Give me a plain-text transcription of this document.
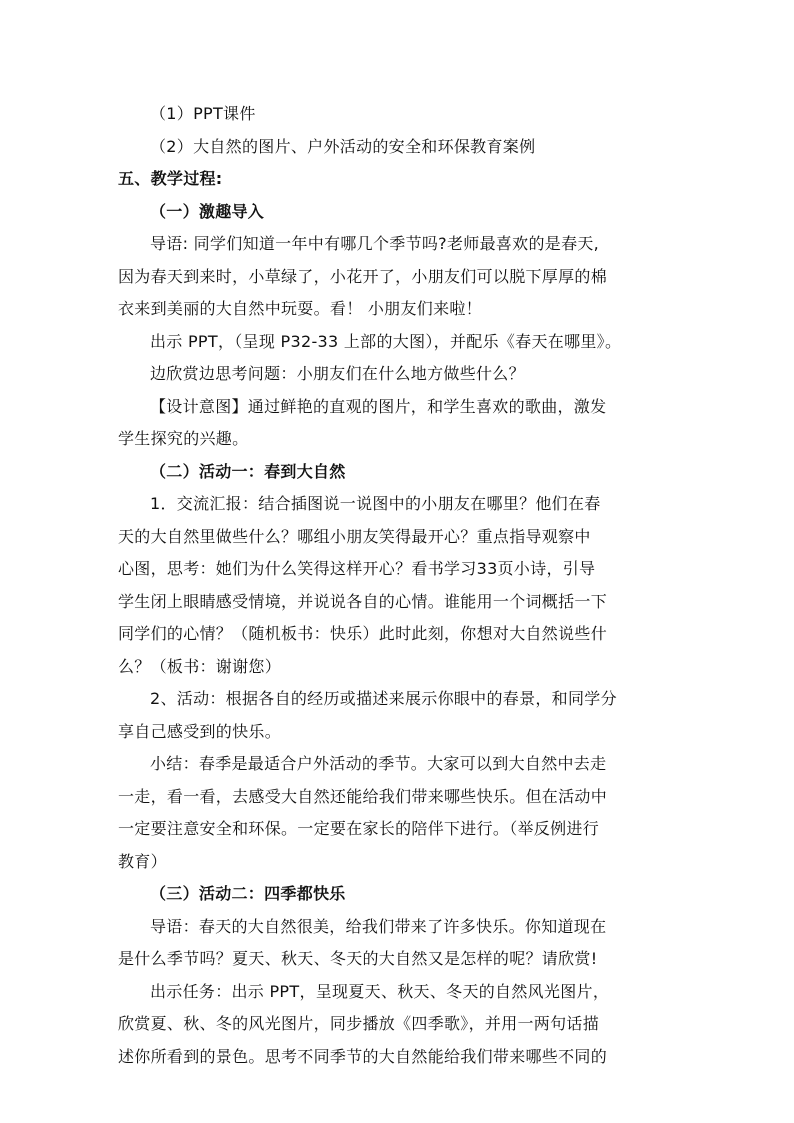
（1）PPT课件
（2）大自然的图片、户外活动的安全和环保教育案例
五、教学过程:
（一）激趣导入
导语: 同学们知道一年中有哪几个季节吗?老师最喜欢的是春天,
因为春天到来时，小草绿了，小花开了，小朋友们可以脱下厚厚的棉
衣来到美丽的大自然中玩耍。看！ 小朋友们来啦！
出示 PPT，（呈现 P32-33 上部的大图），并配乐《春天在哪里》。
边欣赏边思考问题：小朋友们在什么地方做些什么？
【设计意图】通过鲜艳的直观的图片，和学生喜欢的歌曲，激发
学生探究的兴趣。
（二）活动一：春到大自然
1．交流汇报：结合插图说一说图中的小朋友在哪里？他们在春
天的大自然里做些什么？哪组小朋友笑得最开心？重点指导观察中
心图，思考：她们为什么笑得这样开心？看书学习33页小诗，引导
学生闭上眼睛感受情境，并说说各自的心情。谁能用一个词概括一下
同学们的心情？（随机板书：快乐）此时此刻，你想对大自然说些什
么？（板书：谢谢您）
2、活动：根据各自的经历或描述来展示你眼中的春景，和同学分
享自己感受到的快乐。
小结：春季是最适合户外活动的季节。大家可以到大自然中去走
一走，看一看，去感受大自然还能给我们带来哪些快乐。但在活动中
一定要注意安全和环保。一定要在家长的陪伴下进行。（举反例进行
教育）
（三）活动二：四季都快乐
导语：春天的大自然很美，给我们带来了许多快乐。你知道现在
是什么季节吗？夏天、秋天、冬天的大自然又是怎样的呢？请欣赏!
出示任务：出示 PPT，呈现夏天、秋天、冬天的自然风光图片，
欣赏夏、秋、冬的风光图片，同步播放《四季歌》，并用一两句话描
述你所看到的景色。思考不同季节的大自然能给我们带来哪些不同的
